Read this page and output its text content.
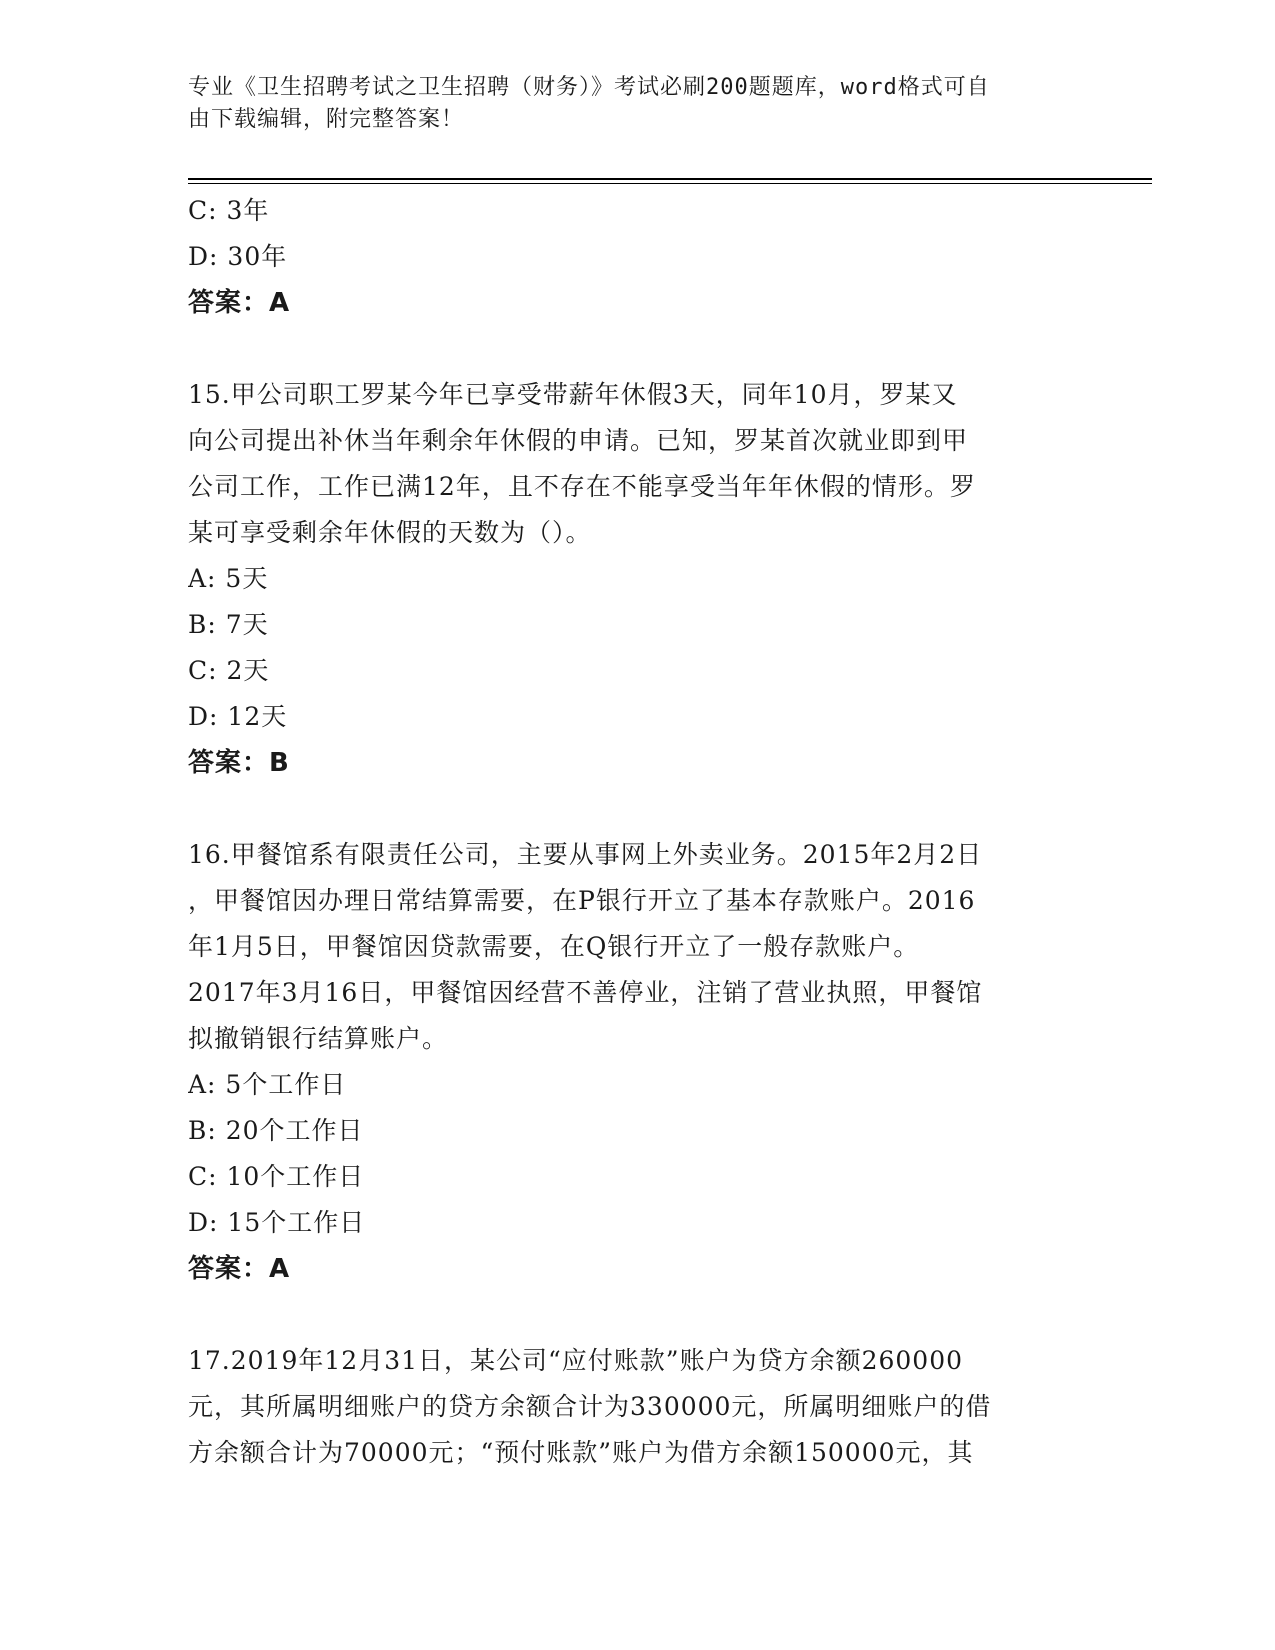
专业《卫生招聘考试之卫生招聘（财务）》考试必刷200题题库，word格式可自
由下载编辑，附完整答案！
C: 3年
D: 30年
答案：A
15.甲公司职工罗某今年已享受带薪年休假3天，同年10月，罗某又
向公司提出补休当年剩余年休假的申请。已知，罗某首次就业即到甲
公司工作，工作已满12年，且不存在不能享受当年年休假的情形。罗
某可享受剩余年休假的天数为（）。
A: 5天
B: 7天
C: 2天
D: 12天
答案：B
16.甲餐馆系有限责任公司，主要从事网上外卖业务。2015年2月2日
，甲餐馆因办理日常结算需要，在P银行开立了基本存款账户。2016
年1月5日，甲餐馆因贷款需要，在Q银行开立了一般存款账户。
2017年3月16日，甲餐馆因经营不善停业，注销了营业执照，甲餐馆
拟撤销银行结算账户。
A: 5个工作日
B: 20个工作日
C: 10个工作日
D: 15个工作日
答案：A
17.2019年12月31日，某公司“应付账款”账户为贷方余额260000
元，其所属明细账户的贷方余额合计为330000元，所属明细账户的借
方余额合计为70000元；“预付账款”账户为借方余额150000元，其
